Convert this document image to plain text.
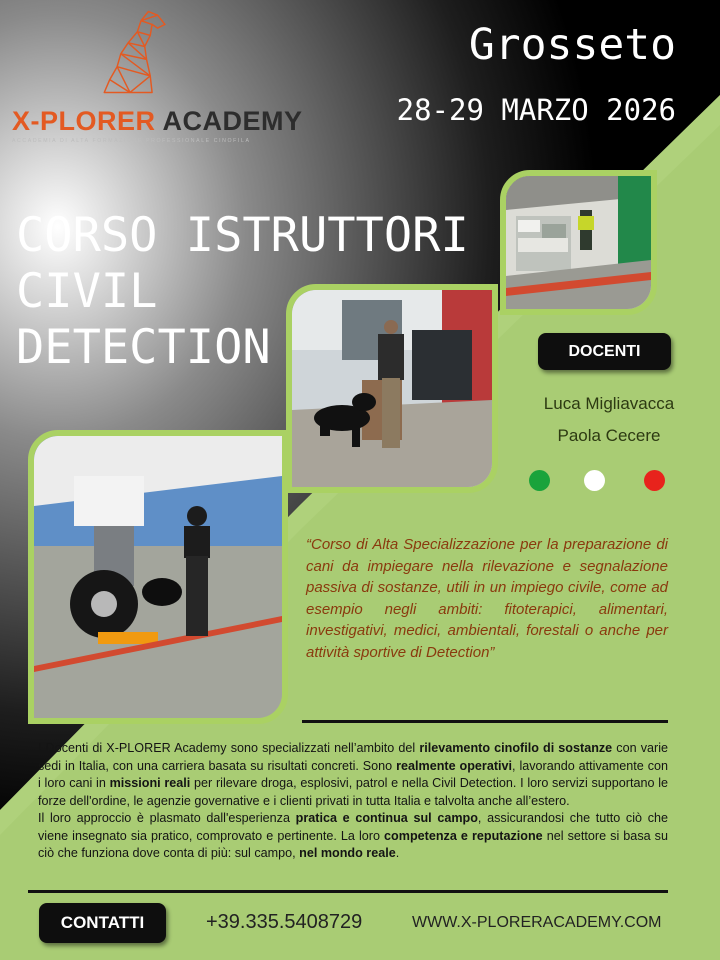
X-PLORER ACADEMY
ACCADEMIA DI ALTA FORMAZIONE PROFESSIONALE CINOFILA
Grosseto
28-29 MARZO 2026
CORSO ISTRUTTORI
CIVIL
DETECTION	DOCENTI
Luca Migliavacca
Paola Cecere
“Corso di Alta Specializzazione per la preparazione di cani da impiegare nella rilevazione e segnalazione passiva di sostanze, utili in un impiego civile, come ad esempio negli ambiti: fitoterapici, alimentari, investigativi, medici, ambientali, forestali o anche per attività sportive di Detection”

I Docenti di X-PLORER Academy sono specializzati nell’ambito del rilevamento cinofilo di sostanze con varie sedi in Italia, con una carriera basata su risultati concreti. Sono realmente operativi, lavorando attivamente con i loro cani in missioni reali per rilevare droga, esplosivi, patrol e nella Civil Detection. I loro servizi supportano le forze dell'ordine, le agenzie governative e i clienti privati in tutta Italia e talvolta anche all’estero.

Il loro approccio è plasmato dall'esperienza pratica e continua sul campo, assicurandosi che tutto ciò che viene insegnato sia pratico, comprovato e pertinente. La loro competenza e reputazione nel settore si basa su ciò che funziona dove conta di più: sul campo, nel mondo reale.

CONTATTI	+39.335.5408729	WWW.X-PLORERACADEMY.COM
